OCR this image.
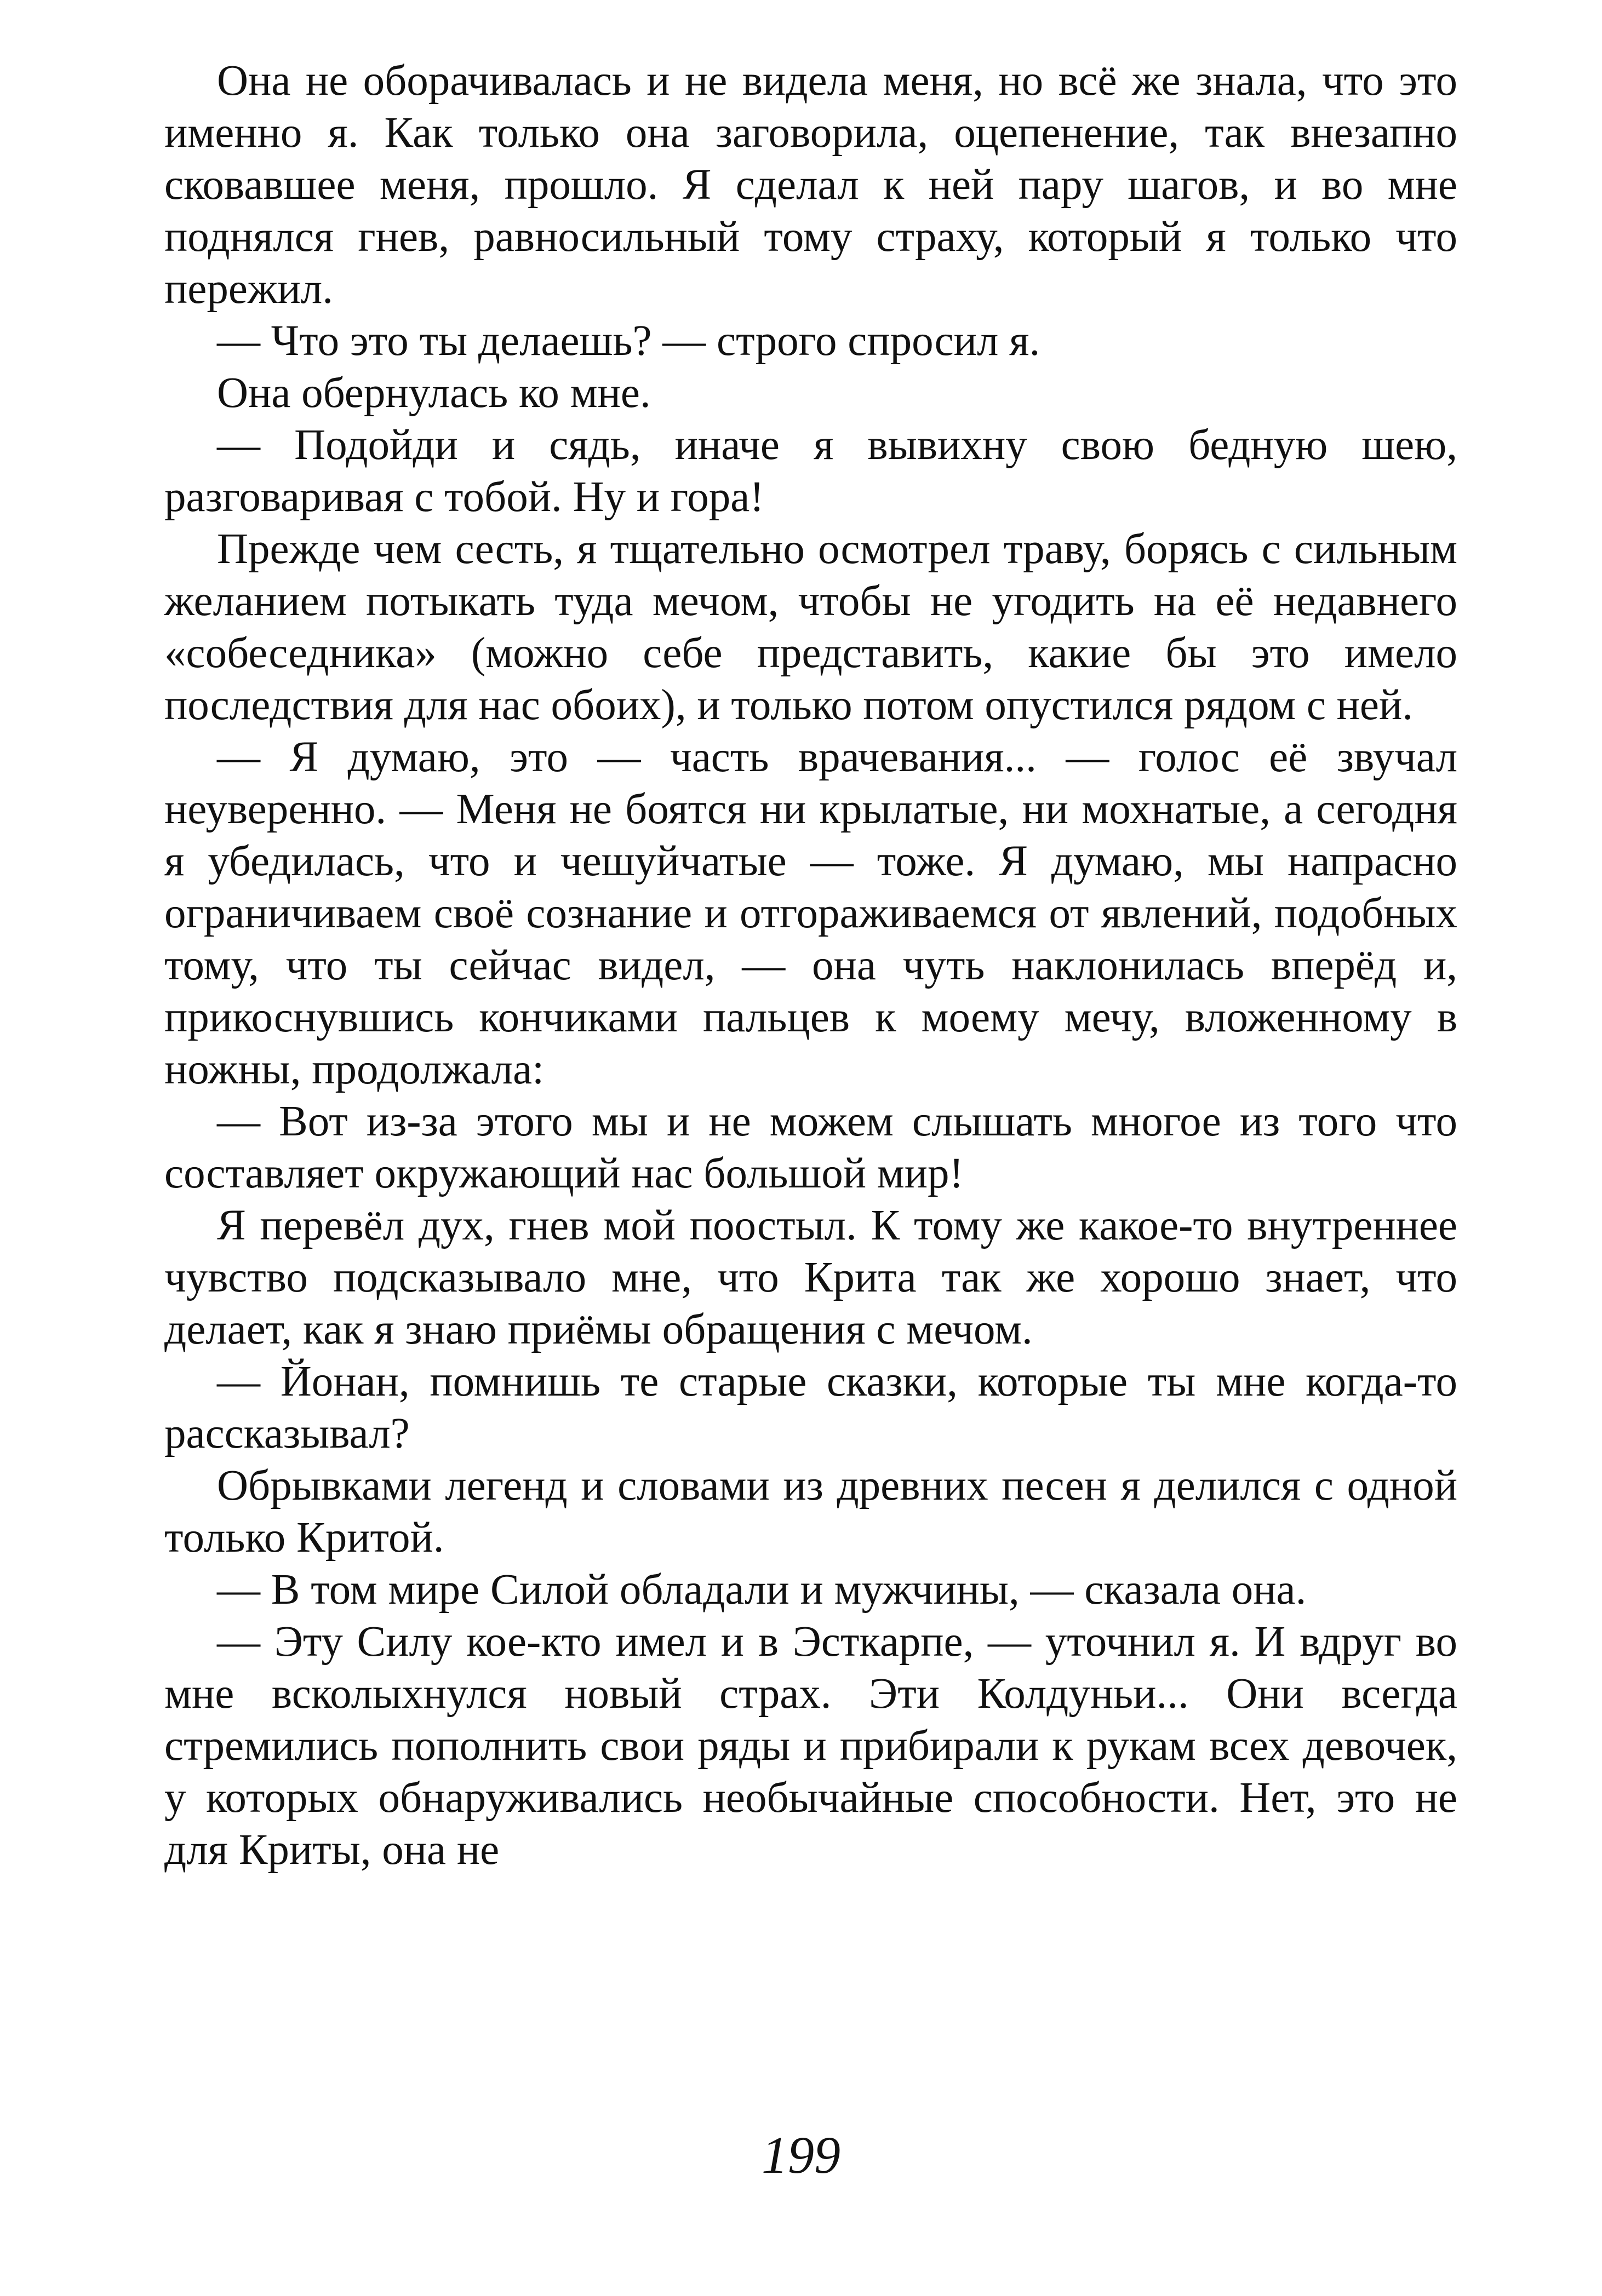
Она не оборачивалась и не видела меня, но всё же знала, что это именно я. Как только она заговорила, оцепенение, так внезапно сковавшее меня, прошло. Я сделал к ней пару шагов, и во мне поднялся гнев, равносильный тому страху, который я только что пережил.

— Что это ты делаешь? — строго спросил я.

Она обернулась ко мне.

— Подойди и сядь, иначе я вывихну свою бедную шею, разговаривая с тобой. Ну и гора!

Прежде чем сесть, я тщательно осмотрел траву, борясь с сильным желанием потыкать туда мечом, чтобы не угодить на её недавнего «собеседника» (можно себе представить, какие бы это имело последствия для нас обоих), и только потом опустился рядом с ней.

— Я думаю, это — часть врачевания... — голос её звучал неуверенно. — Меня не боятся ни крылатые, ни мохнатые, а сегодня я убедилась, что и чешуйчатые — тоже. Я думаю, мы напрасно ограничиваем своё сознание и отгораживаемся от явлений, подобных тому, что ты сейчас видел, — она чуть наклонилась вперёд и, прикоснувшись кончиками пальцев к моему мечу, вложенному в ножны, продолжала:

— Вот из-за этого мы и не можем слышать многое из того что составляет окружающий нас большой мир!

Я перевёл дух, гнев мой поостыл. К тому же какое-то внутреннее чувство подсказывало мне, что Крита так же хорошо знает, что делает, как я знаю приёмы обращения с мечом.

— Йонан, помнишь те старые сказки, которые ты мне когда-то рассказывал?

Обрывками легенд и словами из древних песен я делился с одной только Критой.

— В том мире Силой обладали и мужчины, — сказала она.

— Эту Силу кое-кто имел и в Эсткарпе, — уточнил я. И вдруг во мне всколыхнулся новый страх. Эти Колдуньи... Они всегда стремились пополнить свои ряды и прибирали к рукам всех девочек, у которых обнаруживались необычайные способности. Нет, это не для Криты, она не

199
